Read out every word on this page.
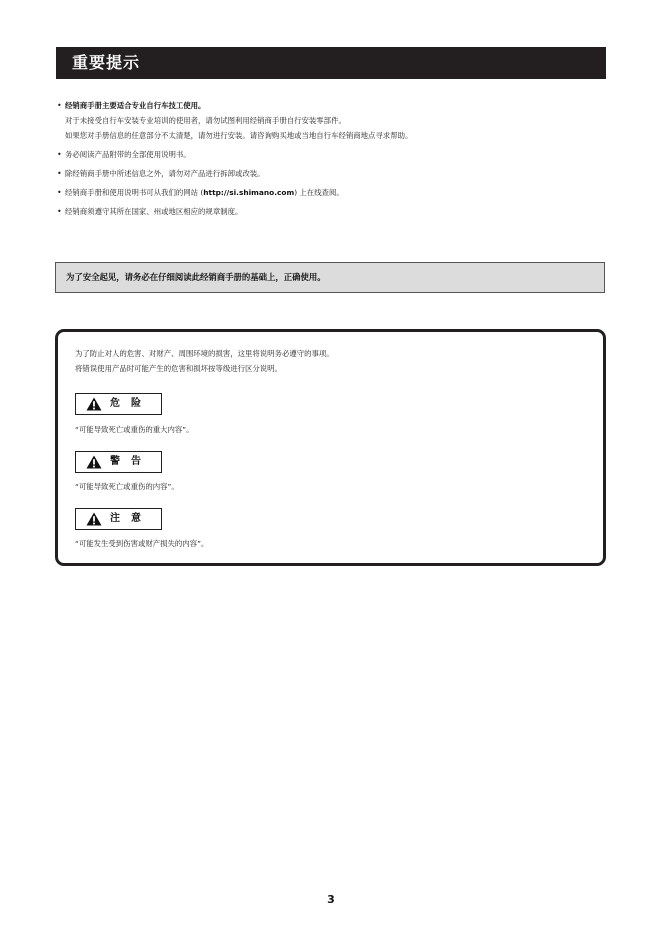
重要提示
• 经销商手册主要适合专业自行车技工使用。
对于未接受自行车安装专业培训的使用者，请勿试图利用经销商手册自行安装零部件。
如果您对手册信息的任意部分不太清楚，请勿进行安装。请咨询购买地或当地自行车经销商地点寻求帮助。
• 务必阅读产品附带的全部使用说明书。
• 除经销商手册中所述信息之外，请勿对产品进行拆卸或改装。
• 经销商手册和使用说明书可从我们的网站 (http://si.shimano.com) 上在线查阅。
• 经销商须遵守其所在国家、州或地区相应的规章制度。
为了安全起见，请务必在仔细阅读此经销商手册的基础上，正确使用。
为了防止对人的危害、对财产、周围环境的损害，这里将说明务必遵守的事项。
将错误使用产品时可能产生的危害和损坏按等级进行区分说明。
危险
“可能导致死亡或重伤的重大内容”。
警告
“可能导致死亡或重伤的内容”。
注意
“可能发生受到伤害或财产损失的内容”。
3
